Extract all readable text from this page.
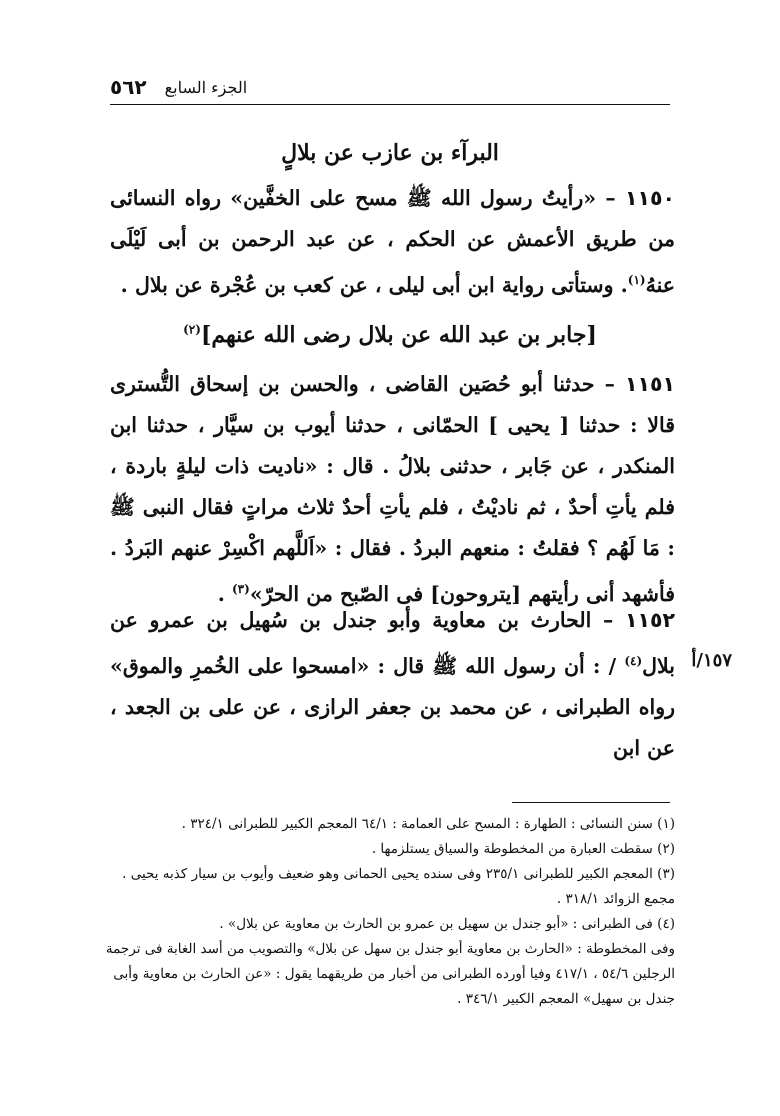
٥٦٢ الجزء السابع
البرآء بن عازب عن بلالٍ
١١٥٠ – «رأيتُ رسول الله ﷺ مسح على الخفَّين» رواه النسائى من طريق الأعمش عن الحكم ، عن عبد الرحمن بن أبى لَيْلَى عنهُ$^{(١)}$. وستأتى رواية ابن أبى ليلى ، عن كعب بن عُجْرة عن بلال .
[جابر بن عبد الله عن بلال رضى الله عنهم]$^{(٢)}$
١١٥١ – حدثنا أبو حُصَين القاضى ، والحسن بن إسحاق التُّسترى قالا : حدثنا [ يحيى ] الحمّانى ، حدثنا أيوب بن سيَّار ، حدثنا ابن المنكدر ، عن جَابر ، حدثنى بلالُ . قال : «ناديت ذات ليلةٍ باردة ، فلم يأتِ أحدٌ ، ثم ناديْتُ ، فلم يأتِ أحدٌ ثلاث مراتٍ فقال النبى ﷺ : مَا لَهُم ؟ فقلتُ : منعهم البردُ . فقال : «اَللَّهم اكْسِرْ عنهم البَردُ . فأشهد أنى رأيتهم [يتروحون] فى الصّبح من الحرّ»$^{(٣)}$ .
١١٥٢ – الحارث بن معاوية وأبو جندل بن سُهيل بن عمرو عن بلال$^{(٤)}$ / : أن رسول الله ﷺ قال : «امسحوا على الخُمرِ والموق» رواه الطبرانى ، عن محمد بن جعفر الرازى ، عن على بن الجعد ، عن ابن
١٥٧/أ

(١) سنن النسائى : الطهارة : المسح على العمامة : ٦٤/١ المعجم الكبير للطبرانى ٣٢٤/١ .

(٢) سقطت العبارة من المخطوطة والسياق يستلزمها .

(٣) المعجم الكبير للطبرانى ٢٣٥/١ وفى سنده يحيى الحمانى وهو ضعيف وأيوب بن سيار كذبه يحيى . مجمع الزوائد ٣١٨/١ .

(٤) فى الطبرانى : «أبو جندل بن سهيل بن عمرو بن الحارث بن معاوية عن بلال» .

وفى المخطوطة : «الحارث بن معاوية أبو جندل بن سهل عن بلال» والتصويب من أسد الغابة فى ترجمة الرجلين ٥٤/٦ ، ٤١٧/١ وفيا أورده الطبرانى من أخبار من طريقهما يقول : «عن الحارث بن معاوية وأبى جندل بن سهيل» المعجم الكبير ٣٤٦/١ .
